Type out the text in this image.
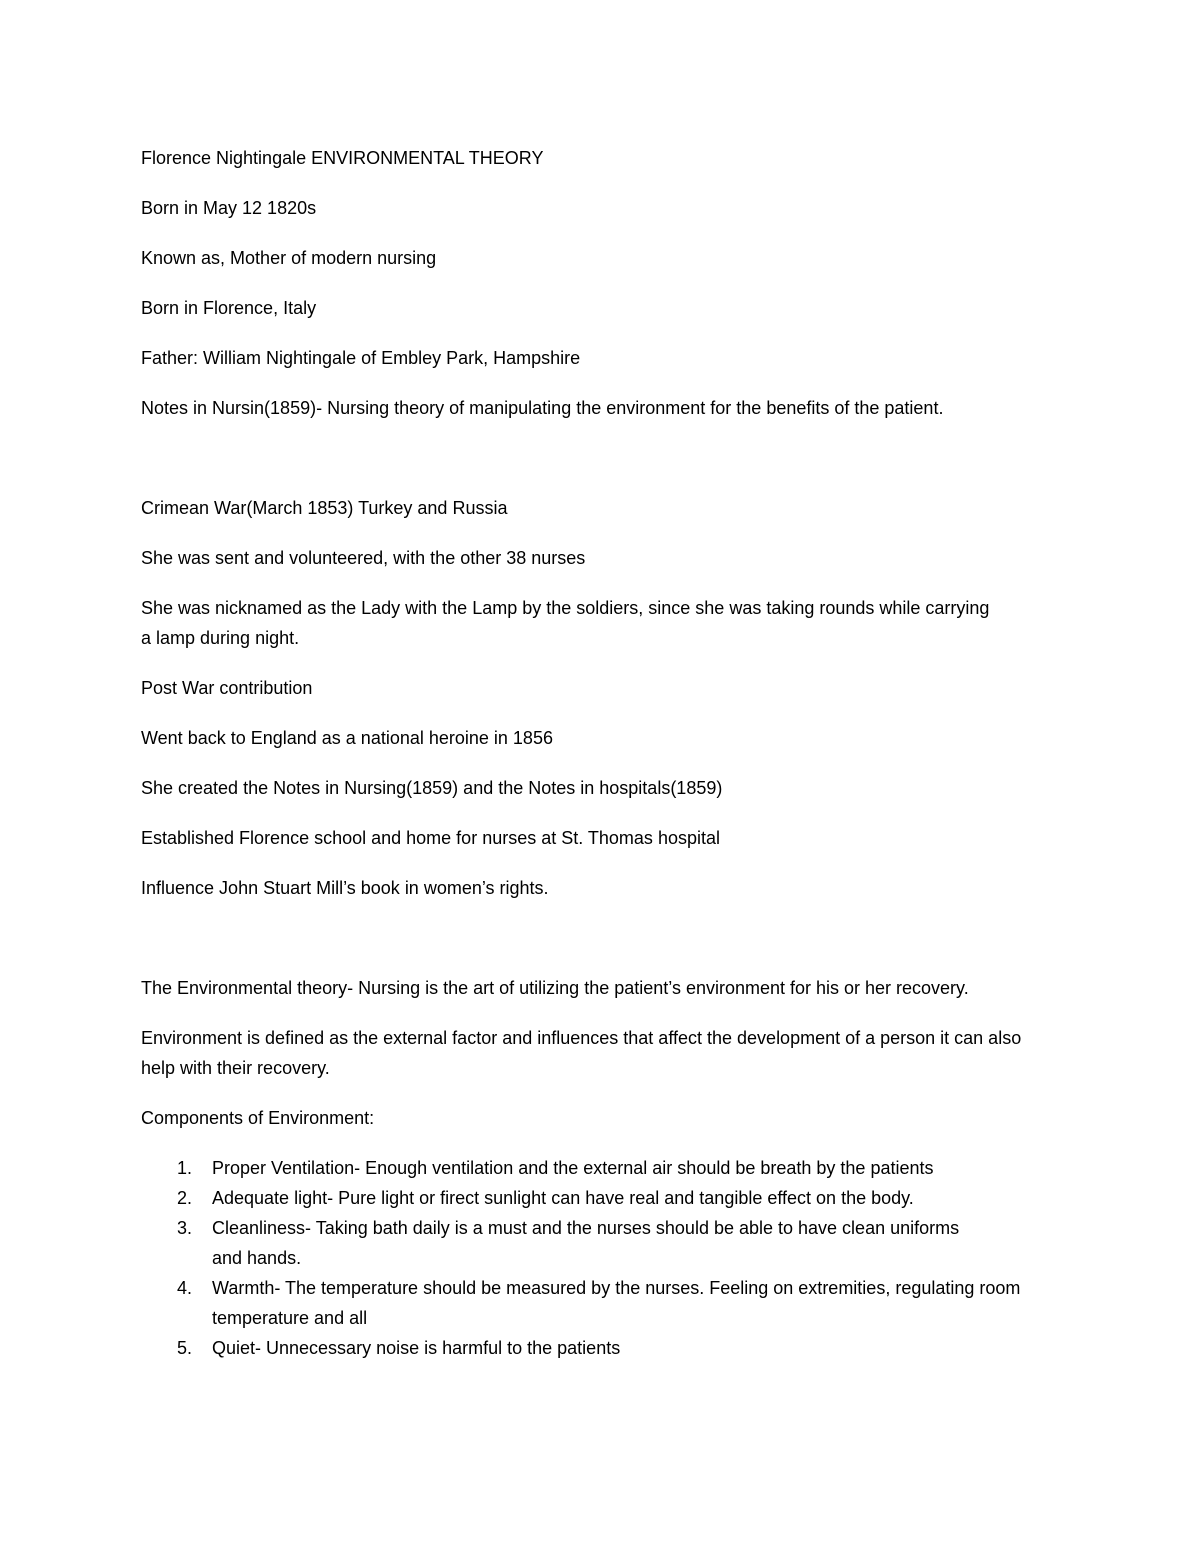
Florence Nightingale ENVIRONMENTAL THEORY

Born in May 12 1820s

Known as, Mother of modern nursing

Born in Florence, Italy

Father: William Nightingale of Embley Park, Hampshire

Notes in Nursin(1859)- Nursing theory of manipulating the environment for the benefits of the patient.

Crimean War(March 1853) Turkey and Russia

She was sent and volunteered, with the other 38 nurses

She was nicknamed as the Lady with the Lamp by the soldiers, since she was taking rounds while carrying a lamp during night.

Post War contribution

Went back to England as a national heroine in 1856

She created the Notes in Nursing(1859) and the Notes in hospitals(1859)

Established Florence school and home for nurses at St. Thomas hospital

Influence John Stuart Mill’s book in women’s rights.

The Environmental theory- Nursing is the art of utilizing the patient’s environment for his or her recovery.

Environment is defined as the external factor and influences that affect the development of a person it can also help with their recovery.

Components of Environment:

1.	Proper Ventilation- Enough ventilation and the external air should be breath by the patients
2.	Adequate light- Pure light or firect sunlight can have real and tangible effect on the body.
3.	Cleanliness- Taking bath daily is a must and the nurses should be able to have clean uniforms and hands.
4.	Warmth- The temperature should be measured by the nurses. Feeling on extremities, regulating room temperature and all
5.	Quiet- Unnecessary noise is harmful to the patients
